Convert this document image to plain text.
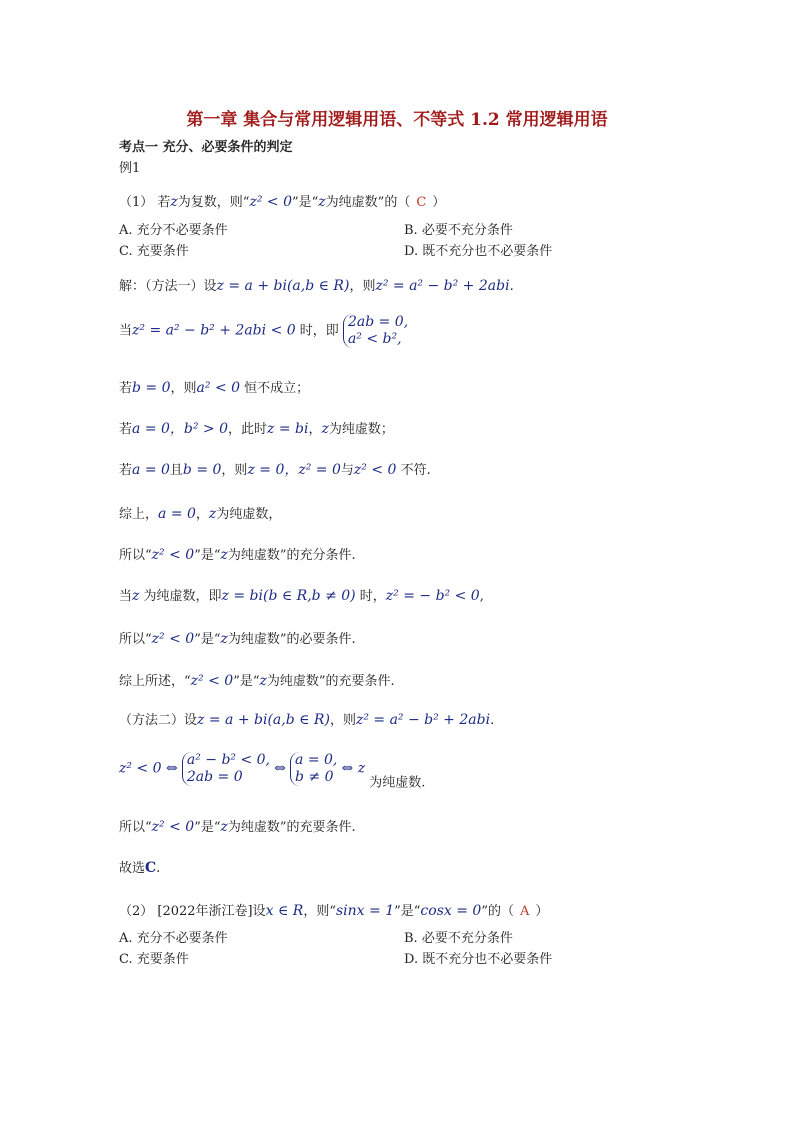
第一章 集合与常用逻辑用语、不等式 1.2 常用逻辑用语
考点一 充分、必要条件的判定
例1
（1） 若z为复数，则“z² < 0”是“z为纯虚数”的（ C ）
A. 充分不必要条件	B. 必要不充分条件
C. 充要条件	D. 既不充分也不必要条件
解：（方法一）设z = a + bi(a,b ∈ R)，则z² = a² − b² + 2abi.
当z² = a² − b² + 2abi < 0 时，即
2ab = 0,
a² < b²,
若b = 0，则a² < 0 恒不成立；
若a = 0，b² > 0，此时z = bi，z为纯虚数；
若a = 0且b = 0，则z = 0，z² = 0与z² < 0 不符.
综上，a = 0，z为纯虚数，
所以“z² < 0”是“z为纯虚数”的充分条件.
当z 为纯虚数，即z = bi(b ∈ R,b ≠ 0) 时，z² = − b² < 0,
所以“z² < 0”是“z为纯虚数”的必要条件.
综上所述，“z² < 0”是“z为纯虚数”的充要条件.
（方法二）设z = a + bi(a,b ∈ R)，则z² = a² − b² + 2abi.
z² < 0 ⇔
a² − b² < 0,
2ab = 0
⇔
a = 0,
b ≠ 0
⇔ z 为纯虚数.
所以“z² < 0”是“z为纯虚数”的充要条件.
故选C.
（2） [2022年浙江卷]设x ∈ R，则“sinx = 1”是“cosx = 0”的（ A ）
A. 充分不必要条件	B. 必要不充分条件
C. 充要条件	D. 既不充分也不必要条件
